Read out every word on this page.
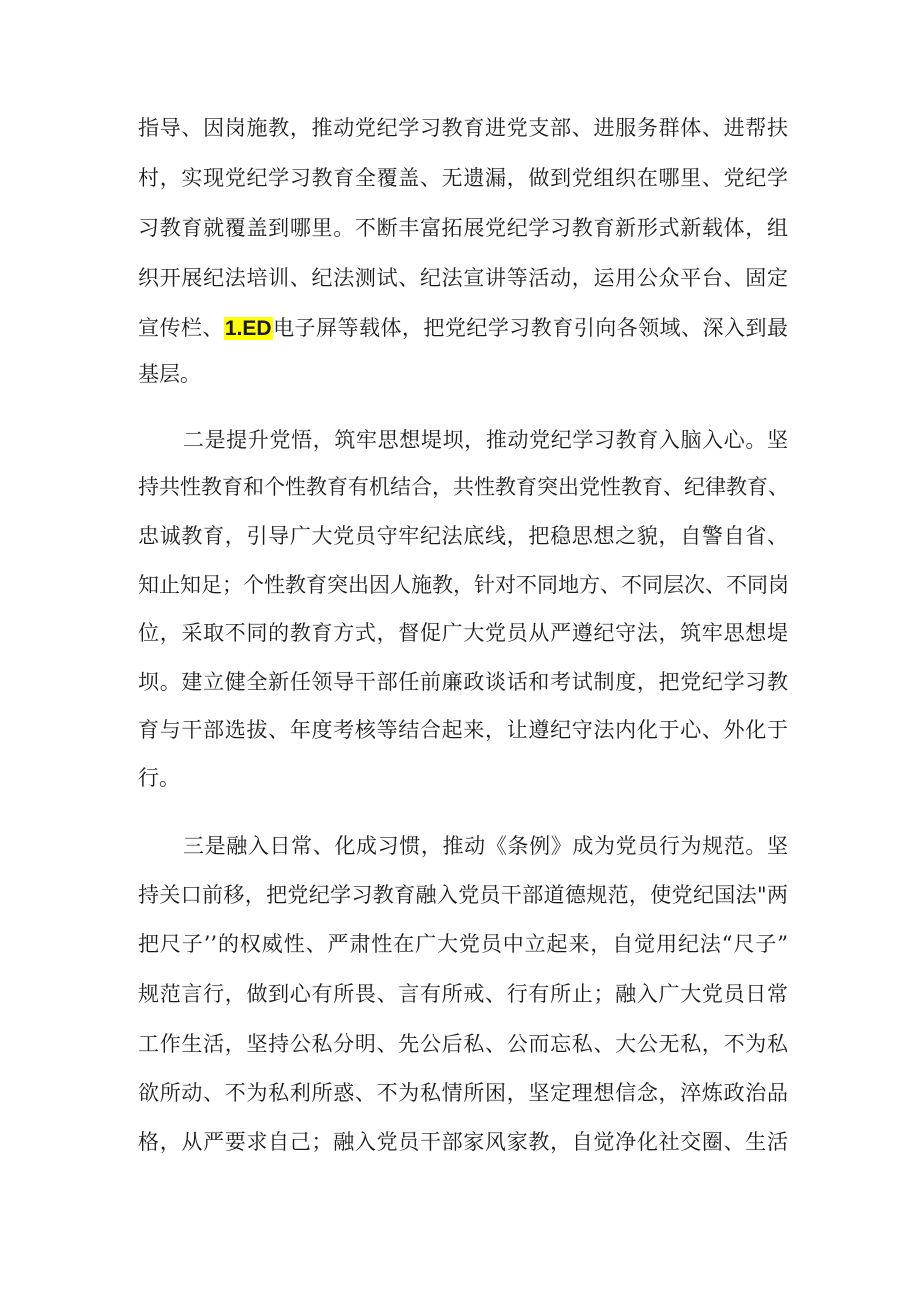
指导、因岗施教，推动党纪学习教育进党支部、进服务群体、进帮扶
村，实现党纪学习教育全覆盖、无遗漏，做到党组织在哪里、党纪学
习教育就覆盖到哪里。不断丰富拓展党纪学习教育新形式新载体，组
织开展纪法培训、纪法测试、纪法宣讲等活动，运用公众平台、固定
宣传栏、1.ED电子屏等载体，把党纪学习教育引向各领域、深入到最
基层。
二是提升党悟，筑牢思想堤坝，推动党纪学习教育入脑入心。坚
持共性教育和个性教育有机结合，共性教育突出党性教育、纪律教育、
忠诚教育，引导广大党员守牢纪法底线，把稳思想之貌，自警自省、
知止知足；个性教育突出因人施教，针对不同地方、不同层次、不同岗
位，采取不同的教育方式，督促广大党员从严遵纪守法，筑牢思想堤
坝。建立健全新任领导干部任前廉政谈话和考试制度，把党纪学习教
育与干部选拔、年度考核等结合起来，让遵纪守法内化于心、外化于
行。
三是融入日常、化成习惯，推动《条例》成为党员行为规范。坚
持关口前移，把党纪学习教育融入党员干部道德规范，使党纪国法"两
把尺子’’的权威性、严肃性在广大党员中立起来，自觉用纪法“尺子”
规范言行，做到心有所畏、言有所戒、行有所止；融入广大党员日常
工作生活，坚持公私分明、先公后私、公而忘私、大公无私，不为私
欲所动、不为私利所惑、不为私情所困，坚定理想信念，淬炼政治品
格，从严要求自己；融入党员干部家风家教，自觉净化社交圈、生活
